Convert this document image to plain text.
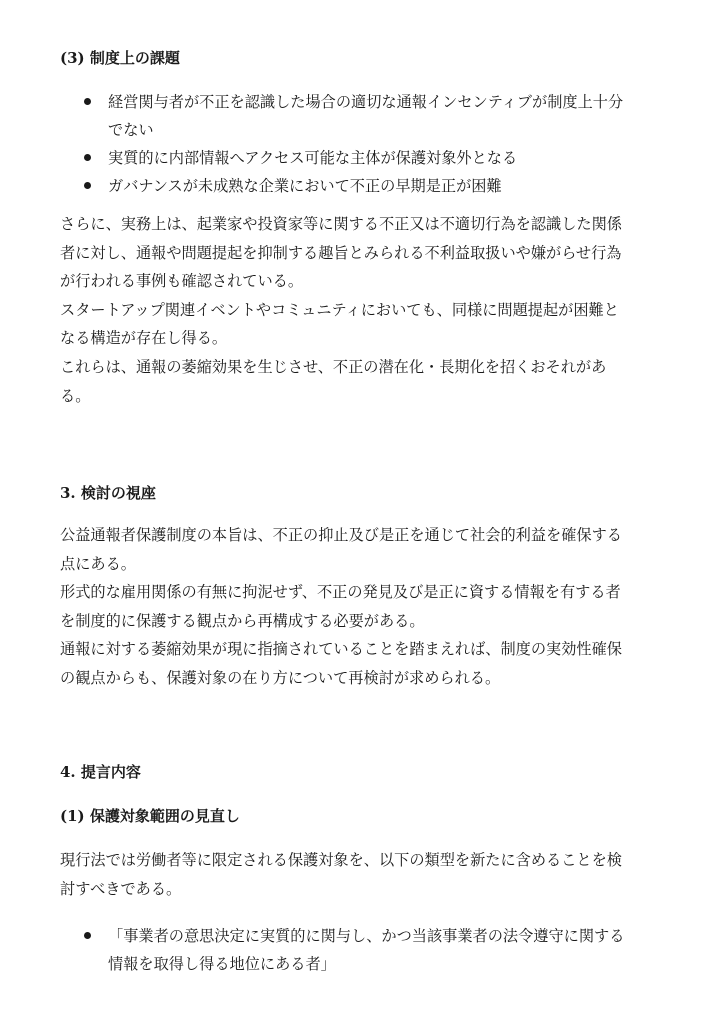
(3) 制度上の課題
経営関与者が不正を認識した場合の適切な通報インセンティブが制度上十分
でない
実質的に内部情報へアクセス可能な主体が保護対象外となる
ガバナンスが未成熟な企業において不正の早期是正が困難
さらに、実務上は、起業家や投資家等に関する不正又は不適切行為を認識した関係
者に対し、通報や問題提起を抑制する趣旨とみられる不利益取扱いや嫌がらせ行為
が行われる事例も確認されている。
スタートアップ関連イベントやコミュニティにおいても、同様に問題提起が困難と
なる構造が存在し得る。
これらは、通報の萎縮効果を生じさせ、不正の潜在化・長期化を招くおそれがあ
る。
3. 検討の視座
公益通報者保護制度の本旨は、不正の抑止及び是正を通じて社会的利益を確保する
点にある。
形式的な雇用関係の有無に拘泥せず、不正の発見及び是正に資する情報を有する者
を制度的に保護する観点から再構成する必要がある。
通報に対する萎縮効果が現に指摘されていることを踏まえれば、制度の実効性確保
の観点からも、保護対象の在り方について再検討が求められる。
4. 提言内容
(1) 保護対象範囲の見直し
現行法では労働者等に限定される保護対象を、以下の類型を新たに含めることを検
討すべきである。
「事業者の意思決定に実質的に関与し、かつ当該事業者の法令遵守に関する
情報を取得し得る地位にある者」
